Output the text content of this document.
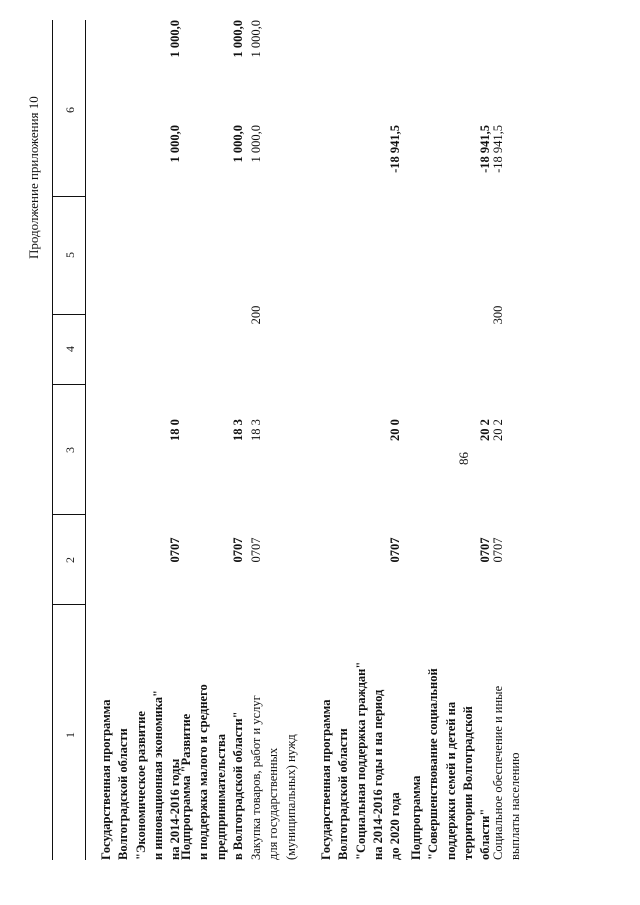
86
Продолжение приложения 10
1
2
3
4
5
6
Государственная программа Волгоградской области "Экономическое развитие и инновационная экономика" на 2014-2016 годы
0707
18 0
1 000,0
1 000,0
Подпрограмма "Развитие и поддержка малого и среднего предпринимательства в Волгоградской области"
0707
18 3
1 000,0
1 000,0
Закупка товаров, работ и услуг для государственных (муниципальных) нужд
0707
18 3
200
1 000,0
1 000,0
Государственная программа Волгоградской области "Социальная поддержка граждан" на 2014-2016 годы и на период до 2020 года
0707
20 0
-18 941,5
Подпрограмма "Совершенствование социальной поддержки семей и детей на территории Волгоградской области"
0707
20 2
-18 941,5
Социальное обеспечение и иные выплаты населению
0707
20 2
300
-18 941,5
